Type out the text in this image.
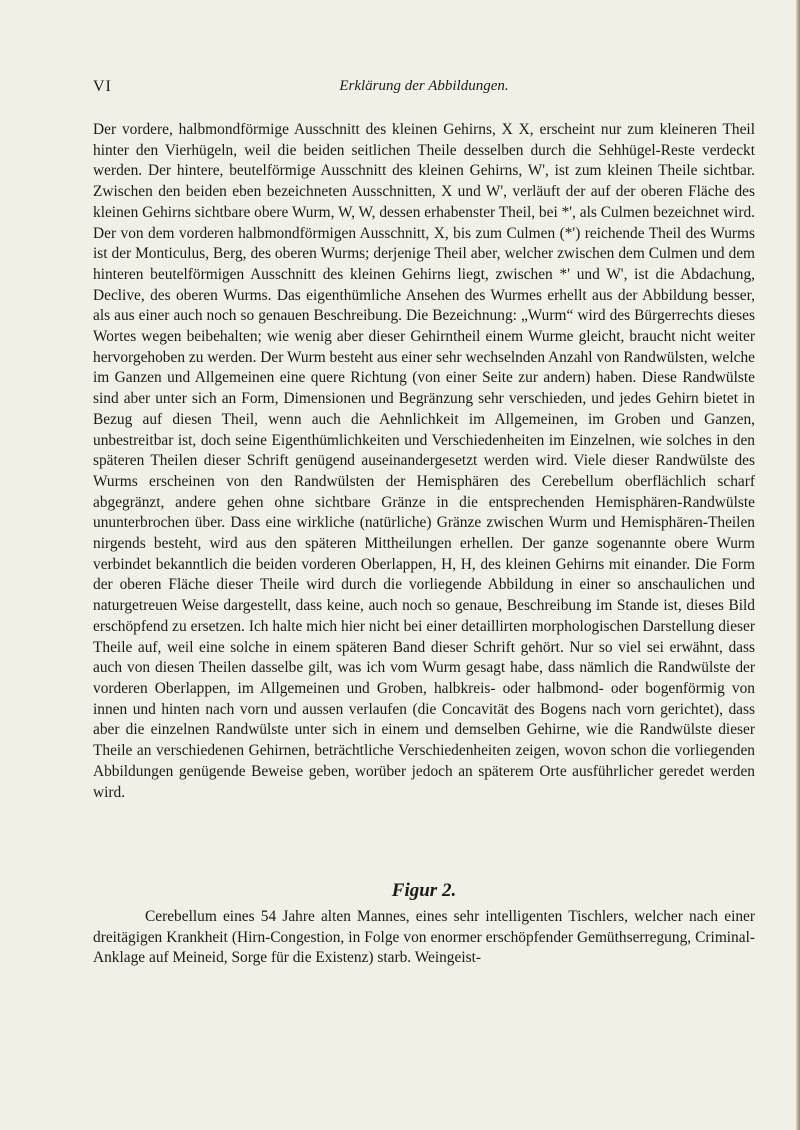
VI	Erklärung der Abbildungen.

Der vordere, halbmondförmige Ausschnitt des kleinen Gehirns, X X, erscheint nur zum kleineren Theil hinter den Vierhügeln, weil die beiden seitlichen Theile desselben durch die Sehhügel-Reste verdeckt werden. Der hintere, beutelförmige Ausschnitt des kleinen Gehirns, W', ist zum kleinen Theile sichtbar. Zwischen den beiden eben bezeichneten Ausschnitten, X und W', verläuft der auf der oberen Fläche des kleinen Gehirns sichtbare obere Wurm, W, W, dessen erhabenster Theil, bei *', als Culmen bezeichnet wird. Der von dem vorderen halbmondförmigen Ausschnitt, X, bis zum Culmen (*') reichende Theil des Wurms ist der Monticulus, Berg, des oberen Wurms; derjenige Theil aber, welcher zwischen dem Culmen und dem hinteren beutelförmigen Ausschnitt des kleinen Gehirns liegt, zwischen *' und W', ist die Abdachung, Declive, des oberen Wurms. Das eigenthümliche Ansehen des Wurmes erhellt aus der Abbildung besser, als aus einer auch noch so genauen Beschreibung. Die Bezeichnung: „Wurm“ wird des Bürgerrechts dieses Wortes wegen beibehalten; wie wenig aber dieser Gehirntheil einem Wurme gleicht, braucht nicht weiter hervorgehoben zu werden. Der Wurm besteht aus einer sehr wechselnden Anzahl von Randwülsten, welche im Ganzen und Allgemeinen eine quere Richtung (von einer Seite zur andern) haben. Diese Randwülste sind aber unter sich an Form, Dimensionen und Begränzung sehr verschieden, und jedes Gehirn bietet in Bezug auf diesen Theil, wenn auch die Aehnlichkeit im Allgemeinen, im Groben und Ganzen, unbestreitbar ist, doch seine Eigenthümlichkeiten und Verschiedenheiten im Einzelnen, wie solches in den späteren Theilen dieser Schrift genügend auseinandergesetzt werden wird. Viele dieser Randwülste des Wurms erscheinen von den Randwülsten der Hemisphären des Cerebellum oberflächlich scharf abgegränzt, andere gehen ohne sichtbare Gränze in die entsprechenden Hemisphären-Randwülste ununterbrochen über. Dass eine wirkliche (natürliche) Gränze zwischen Wurm und Hemisphären-Theilen nirgends besteht, wird aus den späteren Mittheilungen erhellen. Der ganze sogenannte obere Wurm verbindet bekanntlich die beiden vorderen Oberlappen, H, H, des kleinen Gehirns mit einander. Die Form der oberen Fläche dieser Theile wird durch die vorliegende Abbildung in einer so anschaulichen und naturgetreuen Weise dargestellt, dass keine, auch noch so genaue, Beschreibung im Stande ist, dieses Bild erschöpfend zu ersetzen. Ich halte mich hier nicht bei einer detaillirten morphologischen Darstellung dieser Theile auf, weil eine solche in einem späteren Band dieser Schrift gehört. Nur so viel sei erwähnt, dass auch von diesen Theilen dasselbe gilt, was ich vom Wurm gesagt habe, dass nämlich die Randwülste der vorderen Oberlappen, im Allgemeinen und Groben, halbkreis- oder halbmond- oder bogenförmig von innen und hinten nach vorn und aussen verlaufen (die Concavität des Bogens nach vorn gerichtet), dass aber die einzelnen Randwülste unter sich in einem und demselben Gehirne, wie die Randwülste dieser Theile an verschiedenen Gehirnen, beträchtliche Verschiedenheiten zeigen, wovon schon die vorliegenden Abbildungen genügende Beweise geben, worüber jedoch an späterem Orte ausführlicher geredet werden wird.

Figur 2.

Cerebellum eines 54 Jahre alten Mannes, eines sehr intelligenten Tischlers, welcher nach einer dreitägigen Krankheit (Hirn-Congestion, in Folge von enormer erschöpfender Gemüthserregung, Criminal-Anklage auf Meineid, Sorge für die Existenz) starb. Weingeist-
